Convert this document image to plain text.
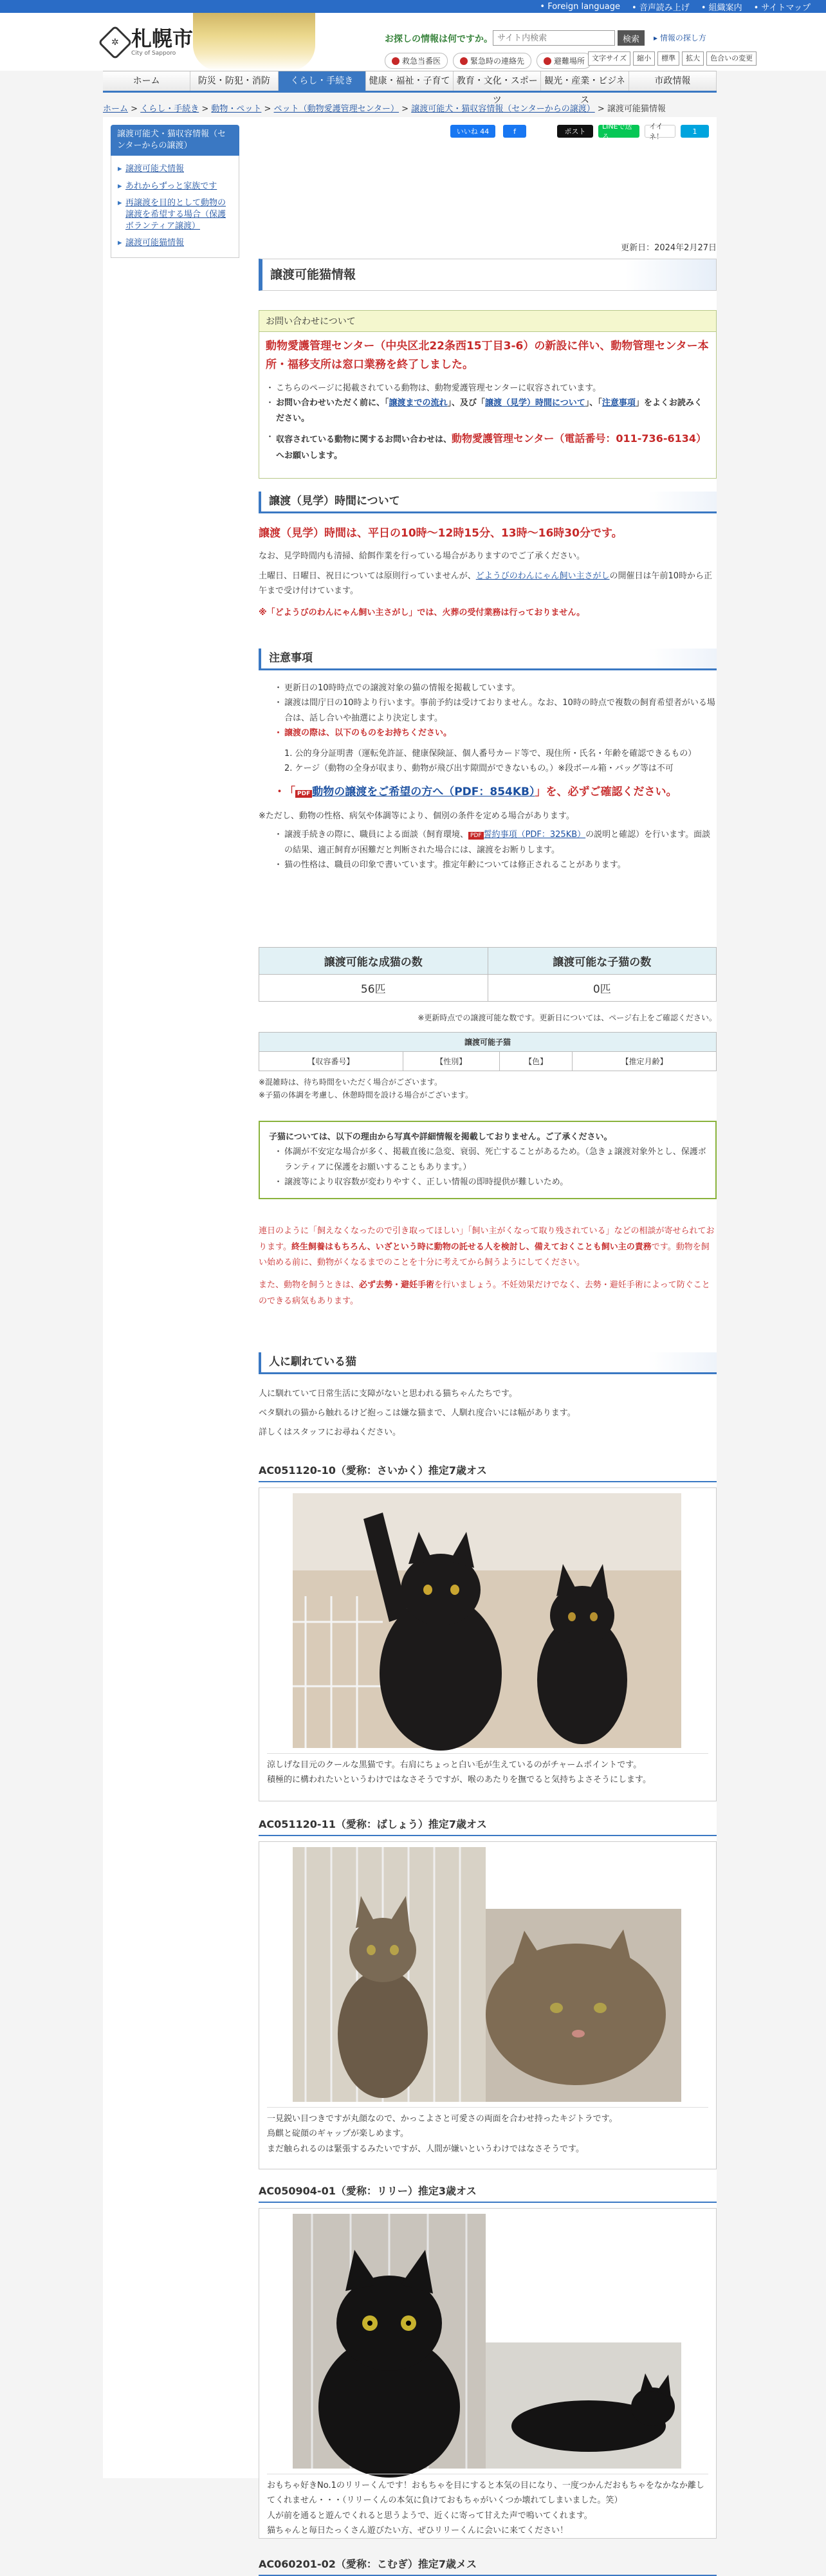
• Foreign language • 音声読み上げ • 組織案内 • サイトマップ
✲ 札幌市
City of Sapporo
お探しの情報は何ですか。
サイト内検索	検索	▸ 情報の探し方
救急当番医	緊急時の連絡先	避難場所 文字サイズ	縮小	標準	拡大	色合いの変更
ホーム	防災・防犯・消防	くらし・手続き	健康・福祉・子育て 教育・文化・スポーツ
観光・産業・ビジネス
市政情報
ホーム > くらし・手続き > 動物・ペット > ペット（動物愛護管理センター） > 譲渡可能犬・猫収容情報（センターからの譲渡） > 譲渡可能猫情報
譲渡可能犬・猫収容情報（センターからの譲渡）
▸ 譲渡可能犬情報
▸ あれからずっと家族です
▸ 再譲渡を目的として動物の譲渡を希望する場合（保護ボランティア譲渡）
▸ 譲渡可能猫情報
いいね 44	f	ポスト
LINEで送る
イイネ！
1
更新日：2024年2月27日
譲渡可能猫情報
お問い合わせについて
動物愛護管理センター（中央区北22条西15丁目3-6）の新設に伴い、動物管理センター本所・福移支所は窓口業務を終了しました。
・ こちらのページに掲載されている動物は、動物愛護管理センターに収容されています。
・ お問い合わせいただく前に、「譲渡までの流れ」、及び「譲渡（見学）時間について」、「注意事項」をよくお読みください。
・ 収容されている動物に関するお問い合わせは、動物愛護管理センター（電話番号：011-736-6134）へお願いします。
譲渡（見学）時間について
譲渡（見学）時間は、平日の10時～12時15分、13時～16時30分です。
なお、見学時間内も清掃、給餌作業を行っている場合がありますのでご了承ください。
土曜日、日曜日、祝日については原則行っていませんが、どようびのわんにゃん飼い主さがしの開催日は午前10時から正午まで受け付けています。
※「どようびのわんにゃん飼い主さがし」では、火葬の受付業務は行っておりません。
注意事項
・ 更新日の10時時点での譲渡対象の猫の情報を掲載しています。
・ 譲渡は間庁日の10時より行います。事前予約は受けておりません。なお、10時の時点で複数の飼育希望者がいる場合は、話し合いや抽選により決定します。
・ 譲渡の際は、以下のものをお持ちください。
1. 公的身分証明書（運転免許証、健康保険証、個人番号カード等で、現住所・氏名・年齢を確認できるもの）
2. ケージ（動物の全身が収まり、動物が飛び出す隙間ができないもの。）※段ボール箱・バッグ等は不可
・ 「 PDF 動物の譲渡をご希望の方へ（PDF：854KB）」を、必ずご確認ください。
※ただし、動物の性格、病気や体調等により、個別の条件を定める場合があります。
・ 譲渡手続きの際に、職員による面談（飼育環境、 PDF 誓約事項（PDF：325KB）の説明と確認）を行います。面談の結果、適正飼育が困難だと判断された場合には、譲渡をお断りします。
・ 猫の性格は、職員の印象で書いています。推定年齢については修正されることがあります。
譲渡可能な成猫の数	譲渡可能な子猫の数
56匹	0匹
※更新時点での譲渡可能な数です。更新日については、ページ右上をご確認ください。
譲渡可能子猫
【収容番号】	【性別】	【色】	【推定月齢】
※混雑時は、待ち時間をいただく場合がございます。
※子猫の体調を考慮し、休憩時間を設ける場合がございます。
子猫については、以下の理由から写真や詳細情報を掲載しておりません。ご了承ください。
・ 体調が不安定な場合が多く、掲載直後に急変、衰弱、死亡することがあるため。（急きょ譲渡対象外とし、保護ボランティアに保護をお願いすることもあります。）
・ 譲渡等により収容数が変わりやすく、正しい情報の即時提供が難しいため。
連日のように「飼えなくなったので引き取ってほしい」「飼い主がくなって取り残されている」などの相談が寄せられております。終生飼養はもちろん、いざという時に動物の託せる人を検討し、備えておくことも飼い主の責務です。動物を飼い始める前に、動物がくなるまでのことを十分に考えてから飼うようにしてください。
また、動物を飼うときは、必ず去勢・避妊手術を行いましょう。不妊効果だけでなく、去勢・避妊手術によって防ぐことのできる病気もあります。
人に馴れている猫
人に馴れていて日常生活に支障がないと思われる猫ちゃんたちです。
ベタ馴れの猫から触れるけど抱っこは嫌な猫まで、人馴れ度合いには幅があります。
詳しくはスタッフにお尋ねください。
AC051120-10（愛称：さいかく）推定7歳オス
涼しげな目元のクールな黒猫です。右肩にちょっと白い毛が生えているのがチャームポイントです。
積極的に構われたいというわけではなさそうですが、喉のあたりを撫でると気持ちよさそうにします。
AC051120-11（愛称：ばしょう）推定7歳オス
一見鋭い目つきですが丸顔なので、かっこよさと可愛さの両面を合わせ持ったキジトラです。
鳥麒と碇顔のギャップが楽しめます。
まだ触られるのは緊張するみたいですが、人間が嫌いというわけではなさそうです。
AC050904-01（愛称：リリー）推定3歳オス
おもちゃ好きNo.1のリリーくんです！おもちゃを目にすると本気の目になり、一度つかんだおもちゃをなかなか離してくれません・・・（リリーくんの本気に負けておもちゃがいくつか壊れてしまいました。笑）
人が前を通ると遊んでくれると思うようで、近くに寄って甘えた声で鳴いてくれます。
猫ちゃんと毎日たっくさん遊びたい方、ぜひリリーくんに会いに来てください！
AC060201-02（愛称：こむぎ）推定7歳メス
